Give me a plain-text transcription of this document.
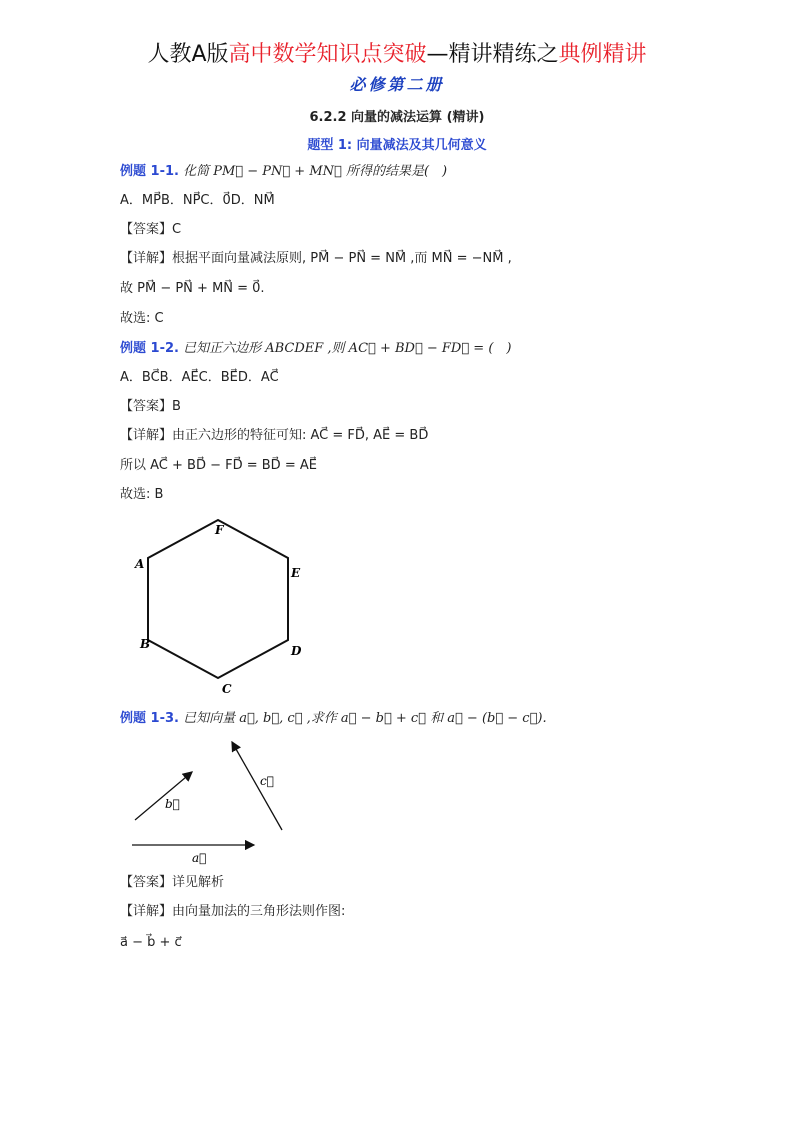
人教A版高中数学知识点突破—精讲精练之典例精讲
必修第二册
6.2.2 向量的减法运算 (精讲)
题型 1: 向量减法及其几何意义
例题 1-1. 化简 PM⃗ − PN⃗ + MN⃗ 所得的结果是(　)
A．MP⃗B．NP⃗C．0⃗D．NM⃗
【答案】C
【详解】根据平面向量减法原则, PM⃗ − PN⃗ = NM⃗ ,而 MN⃗ = −NM⃗ ,
故 PM⃗ − PN⃗ + MN⃗ = 0⃗.
故选: C
例题 1-2. 已知正六边形 ABCDEF ,则 AC⃗ + BD⃗ − FD⃗ = (　)
A．BC⃗B．AE⃗C．BE⃗D．AC⃗
【答案】B
【详解】由正六边形的特征可知: AC⃗ = FD⃗, AE⃗ = BD⃗
所以 AC⃗ + BD⃗ − FD⃗ = BD⃗ = AE⃗
故选: B
F
E
D
C
B
A
例题 1-3. 已知向量 a⃗, b⃗, c⃗ ,求作 a⃗ − b⃗ + c⃗ 和 a⃗ − (b⃗ − c⃗).
b⃗
c⃗
a⃗
【答案】详见解析
【详解】由向量加法的三角形法则作图:
a⃗ − b⃗ + c⃗
